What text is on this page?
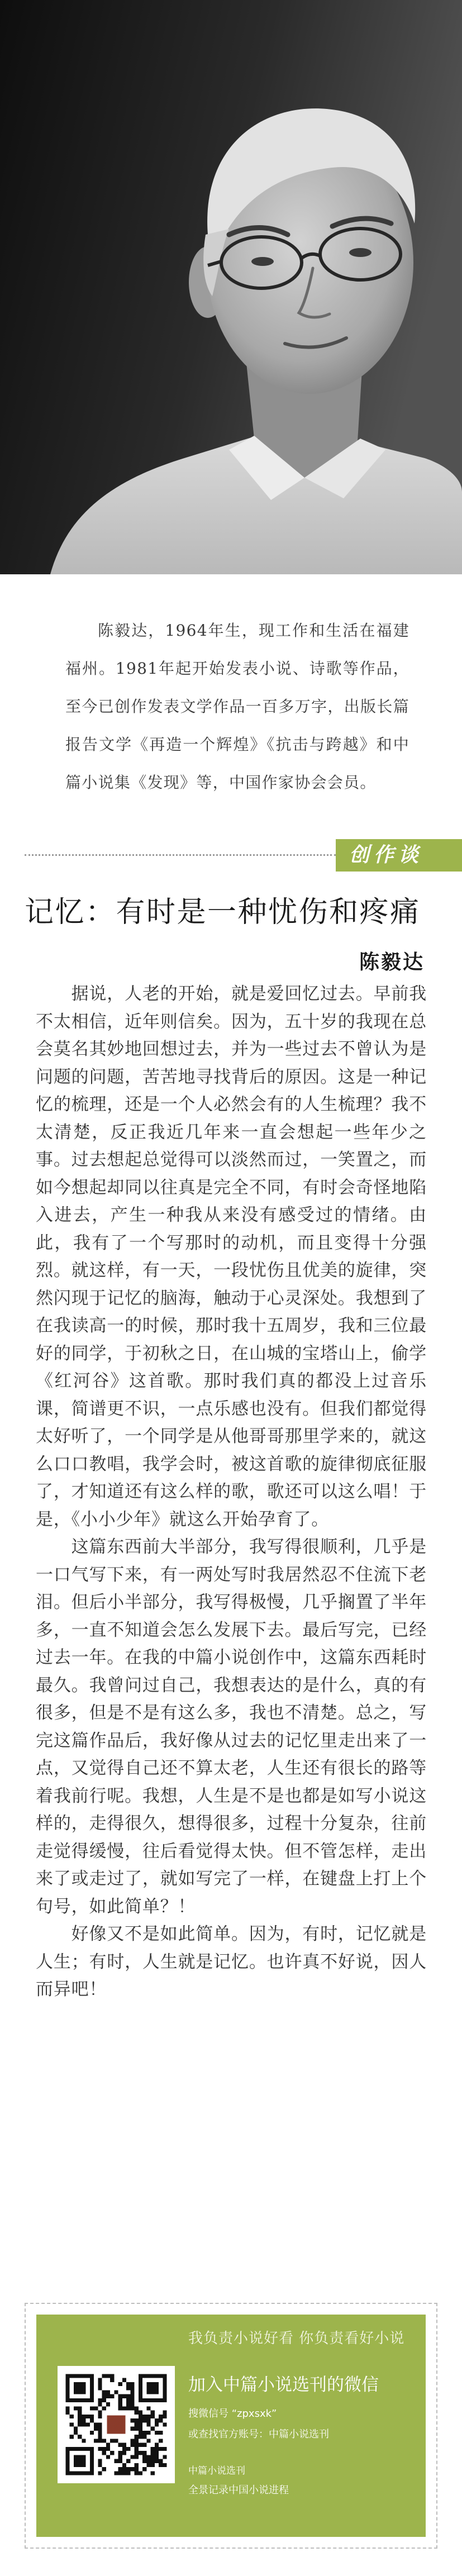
陈毅达，1964年生，现工作和生活在福建福州。1981年起开始发表小说、诗歌等作品，至今已创作发表文学作品一百多万字，出版长篇报告文学《再造一个辉煌》《抗击与跨越》和中篇小说集《发现》等，中国作家协会会员。

创作谈
记忆：有时是一种忧伤和疼痛
陈毅达

据说，人老的开始，就是爱回忆过去。早前我不太相信，近年则信矣。因为，五十岁的我现在总会莫名其妙地回想过去，并为一些过去不曾认为是问题的问题，苦苦地寻找背后的原因。这是一种记忆的梳理，还是一个人必然会有的人生梳理？我不太清楚，反正我近几年来一直会想起一些年少之事。过去想起总觉得可以淡然而过，一笑置之，而如今想起却同以往真是完全不同，有时会奇怪地陷入进去，产生一种我从来没有感受过的情绪。由此，我有了一个写那时的动机，而且变得十分强烈。就这样，有一天，一段忧伤且优美的旋律，突然闪现于记忆的脑海，触动于心灵深处。我想到了在我读高一的时候，那时我十五周岁，我和三位最好的同学，于初秋之日，在山城的宝塔山上，偷学《红河谷》这首歌。那时我们真的都没上过音乐课，简谱更不识，一点乐感也没有。但我们都觉得太好听了，一个同学是从他哥哥那里学来的，就这么口口教唱，我学会时，被这首歌的旋律彻底征服了，才知道还有这么样的歌，歌还可以这么唱！于是，《小小少年》就这么开始孕育了。

这篇东西前大半部分，我写得很顺利，几乎是一口气写下来，有一两处写时我居然忍不住流下老泪。但后小半部分，我写得极慢，几乎搁置了半年多，一直不知道会怎么发展下去。最后写完，已经过去一年。在我的中篇小说创作中，这篇东西耗时最久。我曾问过自己，我想表达的是什么，真的有很多，但是不是有这么多，我也不清楚。总之，写完这篇作品后，我好像从过去的记忆里走出来了一点，又觉得自己还不算太老，人生还有很长的路等着我前行呢。我想，人生是不是也都是如写小说这样的，走得很久，想得很多，过程十分复杂，往前走觉得缓慢，往后看觉得太快。但不管怎样，走出来了或走过了，就如写完了一样，在键盘上打上个句号，如此简单？！

好像又不是如此简单。因为，有时，记忆就是人生；有时，人生就是记忆。也许真不好说，因人而异吧！

我负责小说好看 你负责看好小说
加入中篇小说选刊的微信
搜微信号 “zpxsxk”
或查找官方账号：中篇小说选刊
中篇小说选刊
全景记录中国小说进程
